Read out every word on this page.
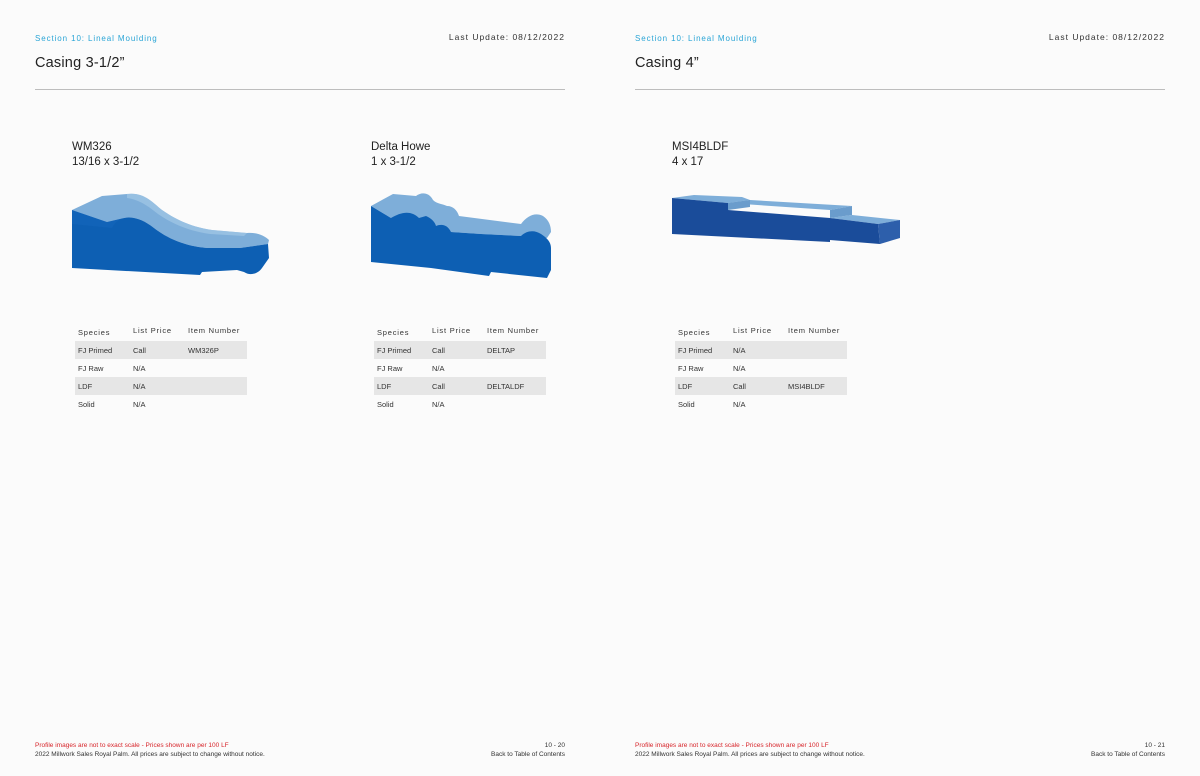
Section 10: Lineal Moulding	Last Update: 08/12/2022
Casing 3-1/2”
WM326
13/16 x 3-1/2
Species	List Price	Item Number
FJ Primed	Call	WM326P
FJ Raw	N/A	
LDF	N/A	
Solid	N/A	
Delta Howe
1 x 3-1/2
Species	List Price	Item Number
FJ Primed	Call	DELTAP
FJ Raw	N/A	
LDF	Call	DELTALDF
Solid	N/A	
Profile images are not to exact scale - Prices shown are per 100 LF
2022 Millwork Sales Royal Palm. All prices are subject to change without notice.
10 - 20
Back to Table of Contents
Section 10: Lineal Moulding	Last Update: 08/12/2022
Casing 4”
MSI4BLDF
4 x 17
Species	List Price	Item Number
FJ Primed	N/A	
FJ Raw	N/A	
LDF	Call	MSI4BLDF
Solid	N/A	
Profile images are not to exact scale - Prices shown are per 100 LF
2022 Millwork Sales Royal Palm. All prices are subject to change without notice.
10 - 21
Back to Table of Contents
